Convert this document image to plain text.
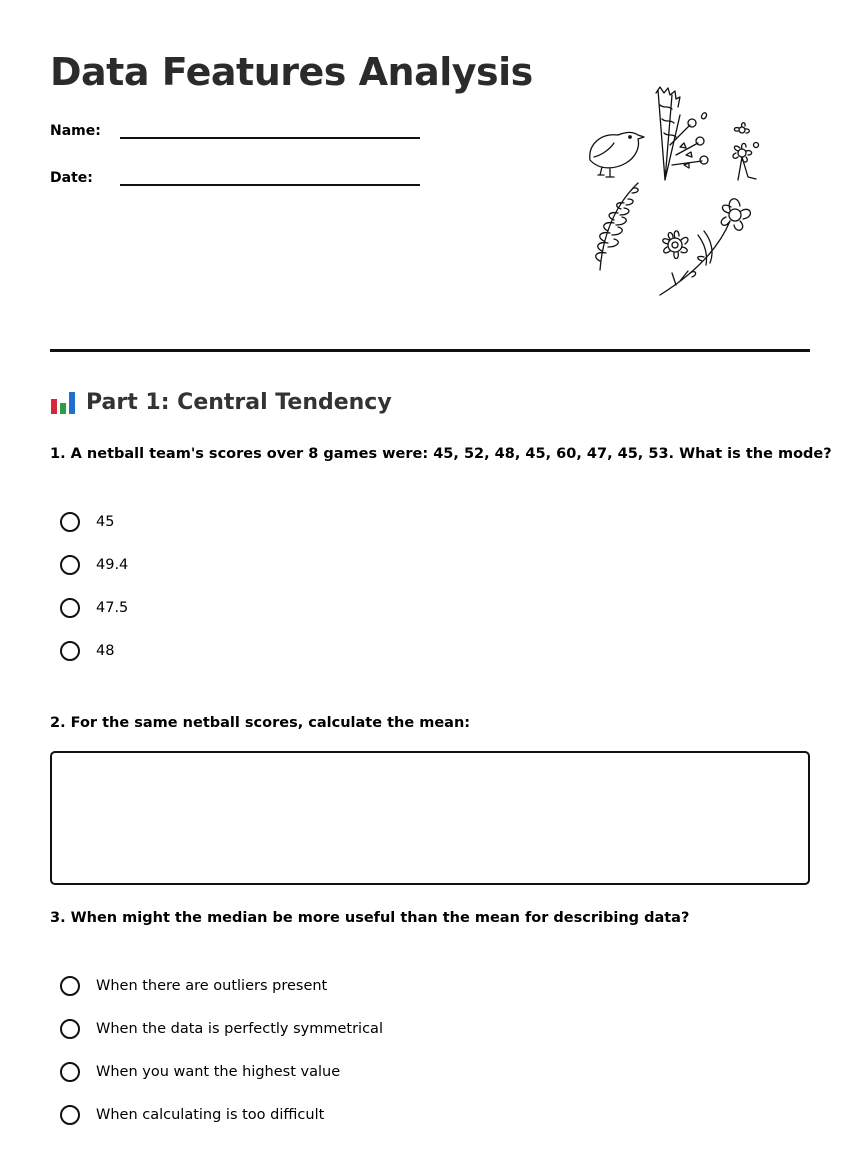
Data Features Analysis
Name:
Date:
Part 1: Central Tendency

1. A netball team's scores over 8 games were: 45, 52, 48, 45, 60, 47, 45, 53. What is the mode?

45
49.4
47.5
48

2. For the same netball scores, calculate the mean:

3. When might the median be more useful than the mean for describing data?

When there are outliers present
When the data is perfectly symmetrical
When you want the highest value
When calculating is too difficult
